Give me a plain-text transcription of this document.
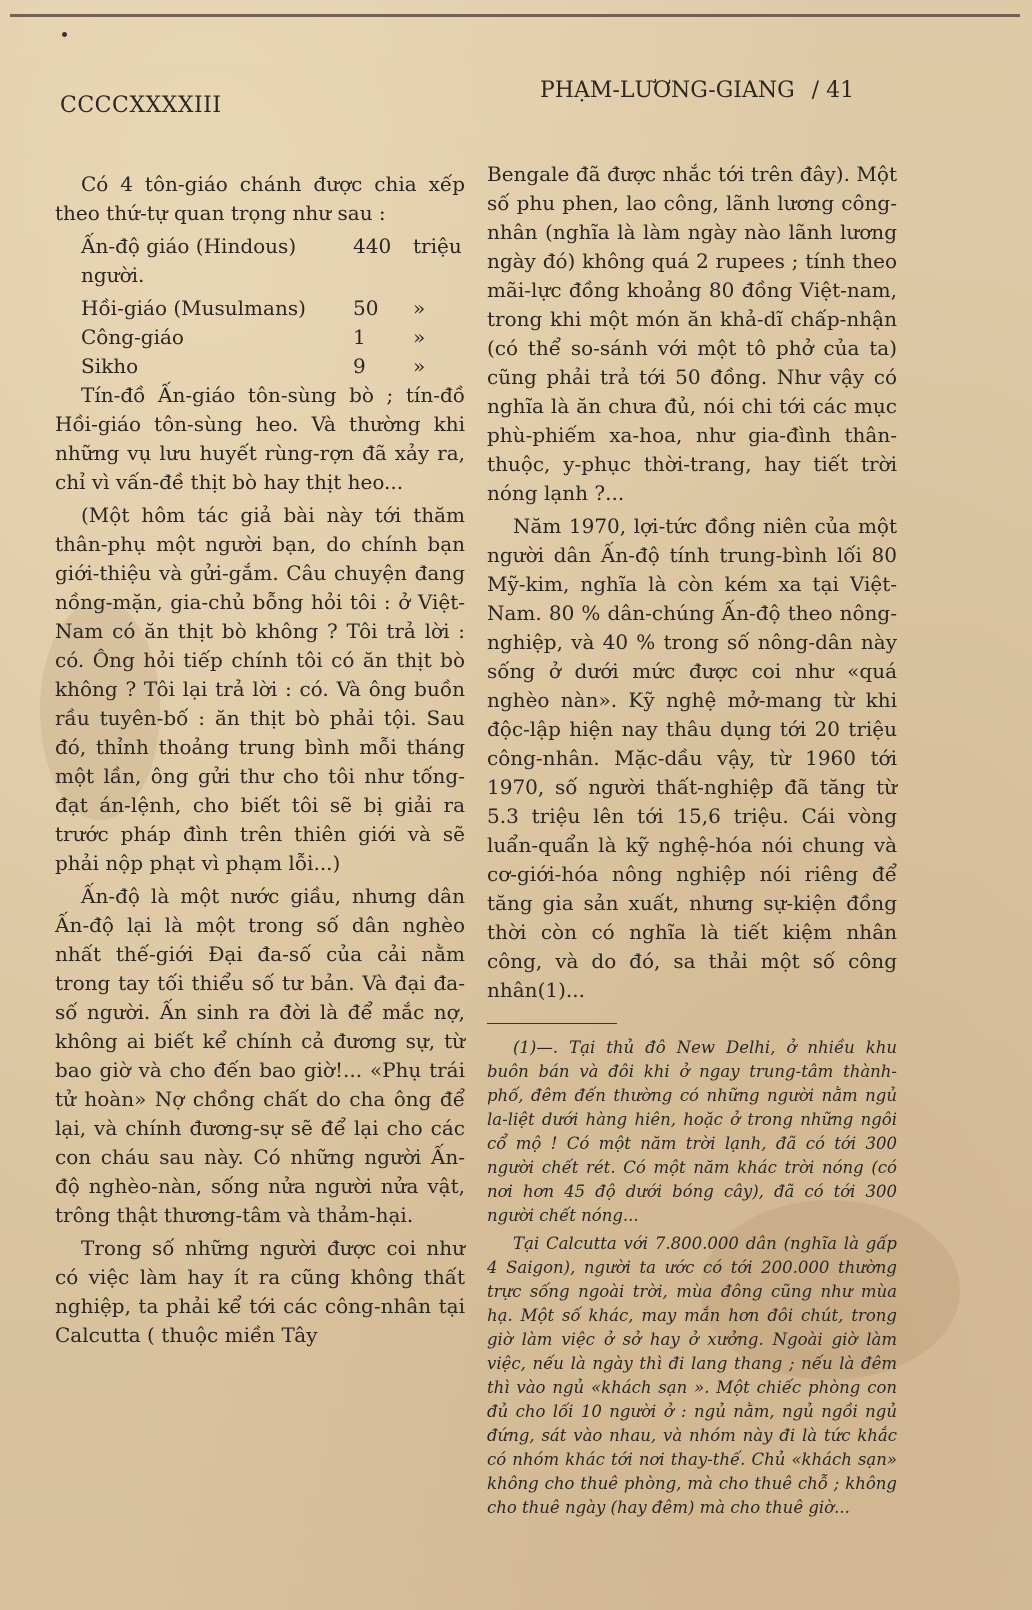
CCCCXXXXIII
PHẠM-LƯƠNG-GIANG / 41

Có 4 tôn-giáo chánh được chia xếp theo thứ-tự quan trọng như sau :

Ấn-độ giáo (Hindous)	440	triệu

người.

Hồi-giáo (Musulmans)	50	»
Công-giáo	1	»
Sikho	9	»

Tín-đồ Ấn-giáo tôn-sùng bò ; tín-đồ Hồi-giáo tôn-sùng heo. Và thường khi những vụ lưu huyết rùng-rợn đã xảy ra, chỉ vì vấn-đề thịt bò hay thịt heo...

(Một hôm tác giả bài này tới thăm thân-phụ một người bạn, do chính bạn giới-thiệu và gửi-gắm. Câu chuyện đang nồng-mặn, gia-chủ bỗng hỏi tôi : ở Việt-Nam có ăn thịt bò không ? Tôi trả lời : có. Ông hỏi tiếp chính tôi có ăn thịt bò không ? Tôi lại trả lời : có. Và ông buồn rầu tuyên-bố : ăn thịt bò phải tội. Sau đó, thỉnh thoảng trung bình mỗi tháng một lần, ông gửi thư cho tôi như tống-đạt án-lệnh, cho biết tôi sẽ bị giải ra trước pháp đình trên thiên giới và sẽ phải nộp phạt vì phạm lỗi...)

Ấn-độ là một nước giầu, nhưng dân Ấn-độ lại là một trong số dân nghèo nhất thế-giới Đại đa-số của cải nằm trong tay tối thiểu số tư bản. Và đại đa-số người. Ấn sinh ra đời là để mắc nợ, không ai biết kể chính cả đương sự, từ bao giờ và cho đến bao giờ!... «Phụ trái tử hoàn» Nợ chồng chất do cha ông để lại, và chính đương-sự sẽ để lại cho các con cháu sau này. Có những người Ấn-độ nghèo-nàn, sống nửa người nửa vật, trông thật thương-tâm và thảm-hại.

Trong số những người được coi như có việc làm hay ít ra cũng không thất nghiệp, ta phải kể tới các công-nhân tại Calcutta ( thuộc miền Tây

Bengale đã được nhắc tới trên đây). Một số phu phen, lao công, lãnh lương công-nhân (nghĩa là làm ngày nào lãnh lương ngày đó) không quá 2 rupees ; tính theo mãi-lực đồng khoảng 80 đồng Việt-nam, trong khi một món ăn khả-dĩ chấp-nhận (có thể so-sánh với một tô phở của ta) cũng phải trả tới 50 đồng. Như vậy có nghĩa là ăn chưa đủ, nói chi tới các mục phù-phiếm xa-hoa, như gia-đình thân-thuộc, y-phục thời-trang, hay tiết trời nóng lạnh ?...

Năm 1970, lợi-tức đồng niên của một người dân Ấn-độ tính trung-bình lối 80 Mỹ-kim, nghĩa là còn kém xa tại Việt-Nam. 80 % dân-chúng Ấn-độ theo nông-nghiệp, và 40 % trong số nông-dân này sống ở dưới mức được coi như «quá nghèo nàn». Kỹ nghệ mở-mang từ khi độc-lập hiện nay thâu dụng tới 20 triệu công-nhân. Mặc-dầu vậy, từ 1960 tới 1970, số người thất-nghiệp đã tăng từ 5.3 triệu lên tới 15,6 triệu. Cái vòng luẩn-quẩn là kỹ nghệ-hóa nói chung và cơ-giới-hóa nông nghiệp nói riêng để tăng gia sản xuất, nhưng sự-kiện đồng thời còn có nghĩa là tiết kiệm nhân công, và do đó, sa thải một số công nhân(1)...

(1)—. Tại thủ đô New Delhi, ở nhiều khu buôn bán và đôi khi ở ngay trung-tâm thành-phố, đêm đến thường có những người nằm ngủ la-liệt dưới hàng hiên, hoặc ở trong những ngôi cổ mộ ! Có một năm trời lạnh, đã có tới 300 người chết rét. Có một năm khác trời nóng (có nơi hơn 45 độ dưới bóng cây), đã có tới 300 người chết nóng...

Tại Calcutta với 7.800.000 dân (nghĩa là gấp 4 Saigon), người ta ước có tới 200.000 thường trực sống ngoài trời, mùa đông cũng như mùa hạ. Một số khác, may mắn hơn đôi chút, trong giờ làm việc ở sở hay ở xưởng. Ngoài giờ làm việc, nếu là ngày thì đi lang thang ; nếu là đêm thì vào ngủ «khách sạn ». Một chiếc phòng con đủ cho lối 10 người ở : ngủ nằm, ngủ ngồi ngủ đứng, sát vào nhau, và nhóm này đi là tức khắc có nhóm khác tới nơi thay-thế. Chủ «khách sạn» không cho thuê phòng, mà cho thuê chỗ ; không cho thuê ngày (hay đêm) mà cho thuê giờ...
